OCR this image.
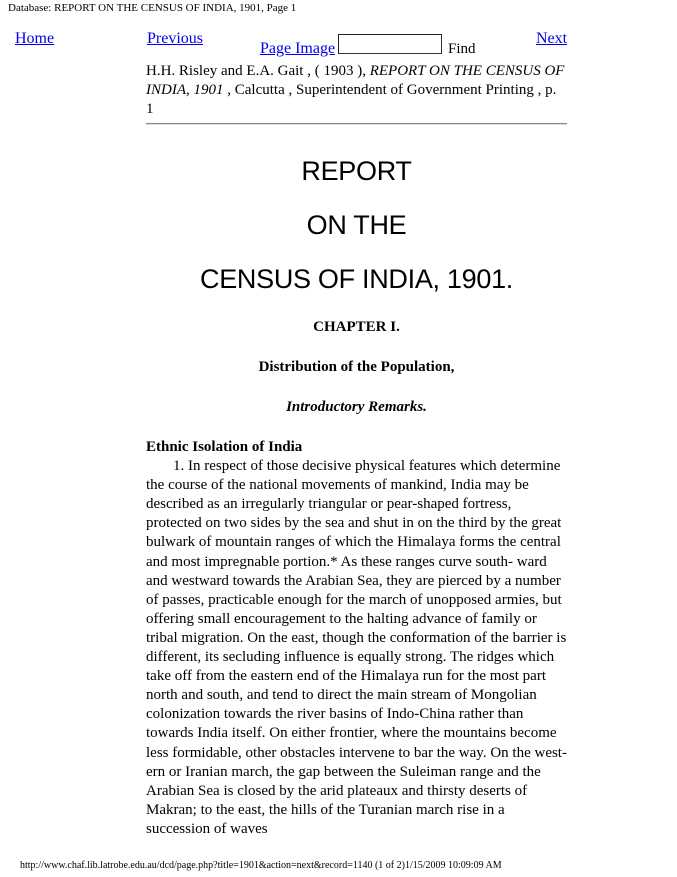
Database: REPORT ON THE CENSUS OF INDIA, 1901, Page 1
Home	Previous
Page Image	Find
Next
H.H. Risley and E.A. Gait , ( 1903 ), REPORT ON THE CENSUS OF INDIA, 1901 , Calcutta , Superintendent of Government Printing , p. 1
REPORT
ON THE
CENSUS OF INDIA, 1901.
CHAPTER I.
Distribution of the Population,
Introductory Remarks.
Ethnic Isolation of India
1. In respect of those decisive physical features which determine the course of the national movements of mankind, India may be described as an irregularly triangular or pear-shaped fortress, protected on two sides by the sea and shut in on the third by the great bulwark of mountain ranges of which the Himalaya forms the central and most impregnable portion.* As these ranges curve south- ward and westward towards the Arabian Sea, they are pierced by a number of passes, practicable enough for the march of unopposed armies, but offering small encouragement to the halting advance of family or tribal migration. On the east, though the conformation of the barrier is different, its secluding influence is equally strong. The ridges which take off from the eastern end of the Himalaya run for the most part north and south, and tend to direct the main stream of Mongolian colonization towards the river basins of Indo-China rather than towards India itself. On either frontier, where the mountains become less formidable, other obstacles intervene to bar the way. On the west- ern or Iranian march, the gap between the Suleiman range and the Arabian Sea is closed by the arid plateaux and thirsty deserts of Makran; to the east, the hills of the Turanian march rise in a succession of waves
http://www.chaf.lib.latrobe.edu.au/dcd/page.php?title=1901&action=next&record=1140 (1 of 2)1/15/2009 10:09:09 AM
